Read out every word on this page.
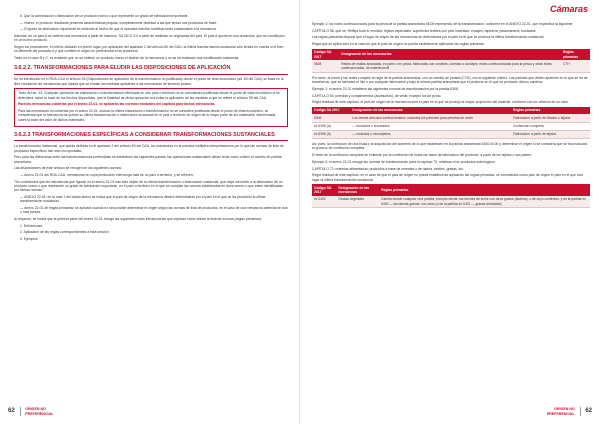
b. Que la combinación o fabricación de un producto nuevo o que represente un grado de fabricación importante.

— Nuevo: el producto resultante presenta características propias, completamente distintas a las que tenían sus productos de base.

— El grado de fabricación importante se entiende al hecho de que el operador efectúe modificaciones sustanciales a la mercancía.

Además, en un país A se obtiene una mercancía a partir de insumos, SA 28.07.XX a partir de materias no originarias del país. El país A aporta en sus productos, que se constituyen en un nuevo producto.

Según los productores, el criterio utilizado en primer lugar, por aplicación del apartado 2 del artículo 60 del CAU, la última transformación sustancial sólo tendrá en cuenta si el bien es diferente del producto A y que confiere el origen no preferencial a los productos.

Tanto en el caso B y C, es evidente que no se obtiene un producto nuevo ni distinto de la mercancía y no se ha realizado una modificación sustancial.

3.6.2.2. TRANSFORMACIONES PARA ELUDIR LAS DISPOSICIONES DE APLICACIÓN

Se ha introducido en el RDA-CAU el artículo 33 (Disposiciones de aplicación de la transformación no justificada) donde el punto de vista económico (art. 60 del CAU) se basa en la libre circulación de mercancías que impida que se eludan las medidas aplicables a las mercancías de terceros países.

Texto del art. 33: Cualquier operación de elaboración o transformación efectuada en otro país o territorio no se considerará justificada desde el punto de vista económico si se determina, sobre la base de los hechos disponibles, que la finalidad de dicha operación era evitar la aplicación de las medidas a que se refiere el artículo 59 del CAU.

Para las mercancías cubiertas por el anexo 22-01, se aplicarán las normas residuales del capítulo para dichas mercancías.

Para las mercancías no cubiertas por el anexo 22-01, cuando la última elaboración o transformación no se considere justificada desde el punto de vista económico, se considerará que la mercancía ha sufrido su última transformación o elaboración sustancial en el país o territorio de origen de la mayor parte de los materiales, determinada sobre la base del valor de dichos materiales.

3.6.2.3 TRANSFORMACIONES ESPECÍFICAS A CONSIDERAR TRANSFORMACIONES SUSTANCIALES

La transformación sustancial, que queda definida en el apartado 2 del artículo 60 del CAU, ha ocasionado en la práctica múltiples interpretaciones por lo que las normas de lista de productos específicos han sido incorporadas.

Pero para las diferencias entre las transformaciones pretendidas se establecen las siguientes pautas: las operaciones sustanciales deben tener como criterio el cambio de partida arancelaria.

Las disposiciones de este artículo se recogen en las siguientes normas:

— Anexo 22-01 del RDA-CAU: mercancías en cuya producción intervenga más de un país o territorio, y se refieren:

"Se considerará que las mercancías que figuran en el anexo 22-01 han sido objeto de su última transformación o elaboración sustancial, que haya concluido a la fabricación de un producto nuevo o que represente un grado de fabricación importante, en el país o territorio en el que se cumplan las normas establecidas en dicho anexo o que estén identificadas por dichas normas."

— ANEXO 22-01: en la nota 1 del citado anexo se indica que el país de origen de la mercancía deberá determinarse por el país en el que se ha producido la última transformación sustancial.

— Anexo 22-01 de reglas primarias: se aplicará cuando no sea posible determinar el origen según las normas de lista de productos, en el caso de una mercancía obtenida en dos o más países.

Al respecto, se indica que la primera parte del anexo 22-01 recoge las siguientes notas introductorias que explican como utilizar la lista de normas (reglas primarias):

1. Definiciones

2. Aplicación de las reglas correspondientes a esta sección

3. Ejemplos

62	ORIGEN NO
PREFERENCIAL
Cámaras

Ejemplo 1: los rodes confeccionados para la pieza de la partida arancelaria 58.08 representa, de la transformación, conforme en el ANEXO 22-01, que especifica la siguiente:

CAPÍTULO 58, que se: Refleja todo lo remitido: tejidos especiales; superficies textiles con pelo insertado; encajes; tapicería; pasamanería; bordados.

Las reglas primarias dispone que el lugar de origen de las mercancías se determinará por el país en el que se produce la última transformación sustancial.

Regla que se aplica sólo en el caso en que el país de origen no pueda establecerse aplicando las reglas primarias.

Código SA 2017	Designación de las mercancías	Reglas primarias
5608	Redes de mallas anudadas, en paño o en pieza, fabricadas con cordeles, cuerdas o cordajes; redes confeccionadas para la pesca y otras redes confeccionadas, de materia textil	CTH

Por tanto, la forma y las redes cumplen la regla de la partida arancelaria, con un cambio de partida (CTH), con el siguiente criterio: Las partidas que deben aparecer en la que se ha de transformar, que se fabricará el hilo o por cualquier fabricación y bajo la misma partida arancelaria que el producto en el que se producen dichos cambios.

Ejemplo 2: el anexo 22-01 establece las siguientes normas de transformación por la partida 6306.

CAPÍTULO 63: prendas y complementos (accesorios), de vestir, excepto los de punto.

Regla residual de este capítulo: el país de origen de la mercancía será el país en el que se produjo la mayor proporción del material, conforme con los criterios de su valor.

Código SA 2017	Designación de las mercancías	Reglas primarias
6306	Los demás artículos confeccionados, incluidos los patrones para prendas de vestir	Fabricación a partir de hilados o tejidos
ex 6306 (a)	— bordados o recortados	Confección completa
ex 6306 (b)	— incluidos o incompletos	Fabricación a partir de tejidos

Así pues, la confección de una blusa y la adquisición del aumento de lo que establecen en la partida arancelaria 6306.00.00 y determinar el origen si se considera que se ha producido el proceso de confección completa.

El texto de la confección completa se entiende por la confección de todas las fases de fabricación del producto, a partir de los tejidos o sus partes.

Ejemplo 3: el anexo 22-01 recoge las normas de transformación para el capítulo 72, relativas a los productos siderúrgicos.

CAPÍTULO 72: materias alimentarias; productos a base de cereales o de harina, aceites, grasas, etc.

Regla residual de este capítulo: en el caso de que el país de origen no pueda establecerse aplicando las reglas primarias, se considerará como país de origen el país en el que tuvo lugar la última transformación sustancial.

Código SA 2017	Designación de las mercancías	Reglas primarias
ex 0402	Grasas vegetales	Cambio desde cualquier otra partida, excepto desde: las fuentes de leche con otros grasos (lácteos), o de cuyo contenido, y de la partida ex 0402 — las demás grasas: con otros (o de la partida ex 0402 — grasas derivadas)
ORIGEN NO
PREFERENCIAL 62
